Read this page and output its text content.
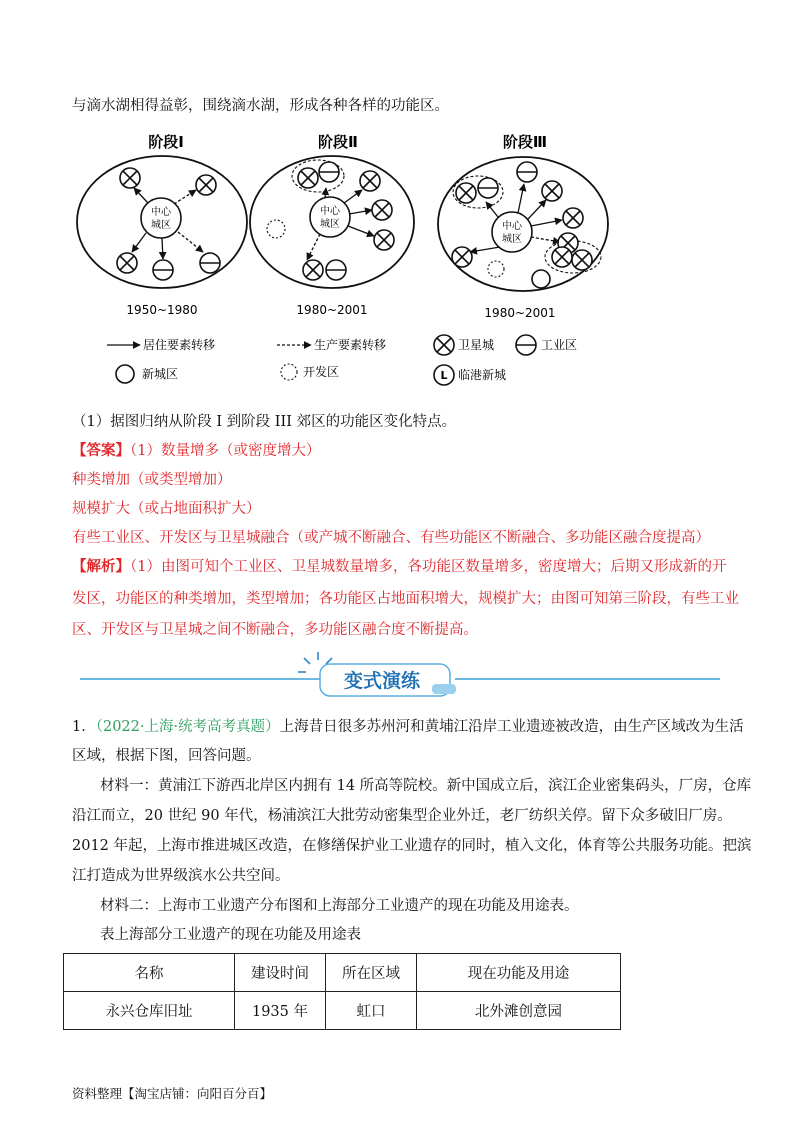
与滴水湖相得益彰，围绕滴水湖，形成各种各样的功能区。
阶段Ⅰ
中心
城区
1950~1980
阶段Ⅱ
中心
城区
1980~2001
阶段Ⅲ
中心
城区
1980~2001
居住要素转移	生产要素转移	卫星城	工业区
新城区	开发区	L 临港新城
（1）据图归纳从阶段 I 到阶段 III 郊区的功能区变化特点。
【答案】（1）数量增多（或密度增大）
种类增加（或类型增加）
规模扩大（或占地面积扩大）
有些工业区、开发区与卫星城融合（或产城不断融合、有些功能区不断融合、多功能区融合度提高）
【解析】（1）由图可知个工业区、卫星城数量增多，各功能区数量增多，密度增大；后期又形成新的开
发区，功能区的种类增加，类型增加；各功能区占地面积增大，规模扩大；由图可知第三阶段，有些工业
区、开发区与卫星城之间不断融合，多功能区融合度不断提高。
变式演练
1．（2022·上海·统考高考真题）上海昔日很多苏州河和黄埔江沿岸工业遗迹被改造，由生产区域改为生活
区域，根据下图，回答问题。
材料一：黄浦江下游西北岸区内拥有 14 所高等院校。新中国成立后，滨江企业密集码头，厂房，仓库
沿江而立，20 世纪 90 年代，杨浦滨江大批劳动密集型企业外迁，老厂纺织关停。留下众多破旧厂房。
2012 年起，上海市推进城区改造，在修缮保护业工业遗存的同时，植入文化，体育等公共服务功能。把滨
江打造成为世界级滨水公共空间。
材料二：上海市工业遗产分布图和上海部分工业遗产的现在功能及用途表。
表上海部分工业遗产的现在功能及用途表
名称	建设时间	所在区域	现在功能及用途
永兴仓库旧址	1935 年	虹口	北外滩创意园
资料整理【淘宝店铺：向阳百分百】
